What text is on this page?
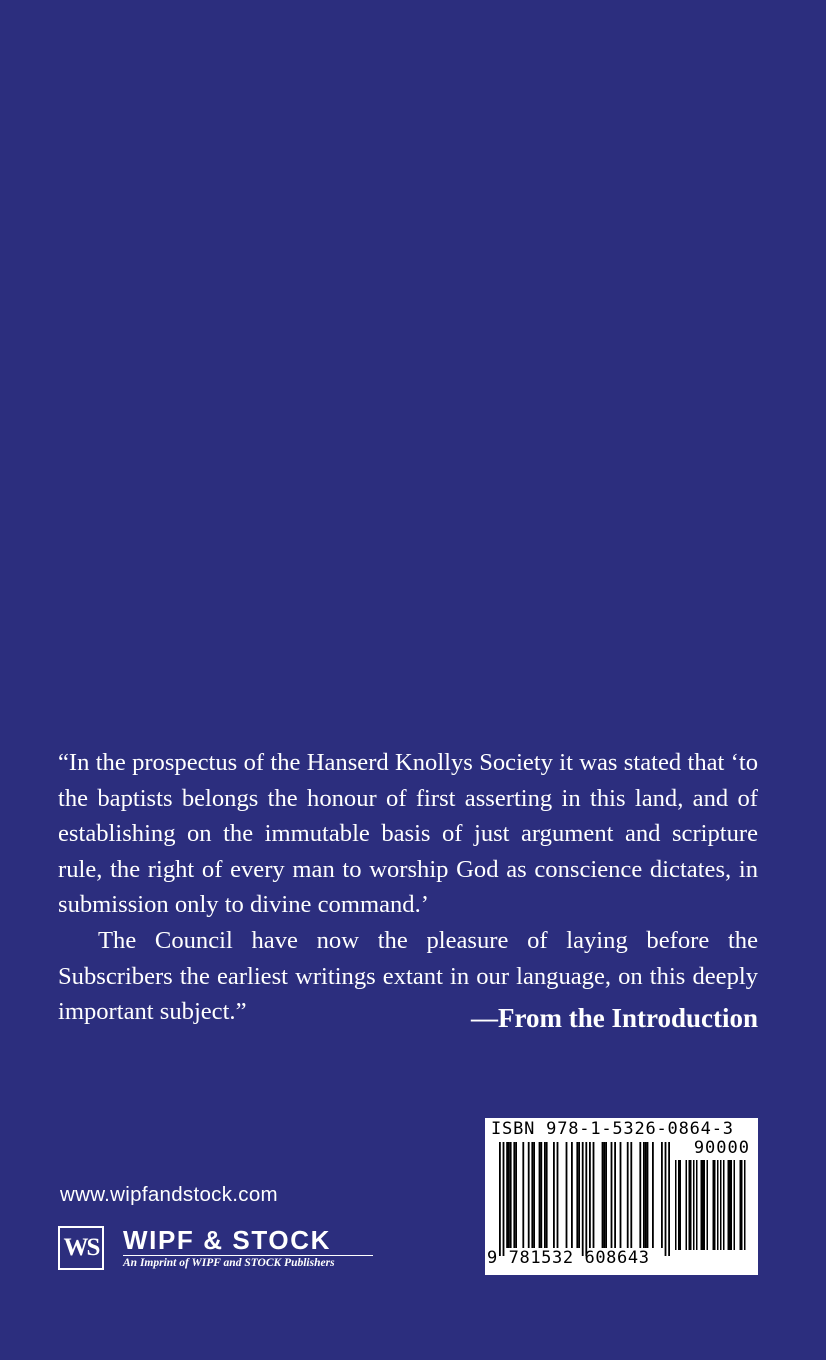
“In the prospectus of the Hanserd Knollys Society it was stated that ‘to the baptists belongs the honour of first asserting in this land, and of establishing on the immutable basis of just argument and scripture rule, the right of every man to worship God as conscience dictates, in submission only to divine command.’

The Council have now the pleasure of laying before the Subscribers the earliest writings extant in our language, on this deeply important subject.”	—From the Introduction
www.wipfandstock.com
WS WIPF & STOCK
An Imprint of WIPF and STOCK Publishers
ISBN 978-1-5326-0864-3
90000
9 781532 608643
